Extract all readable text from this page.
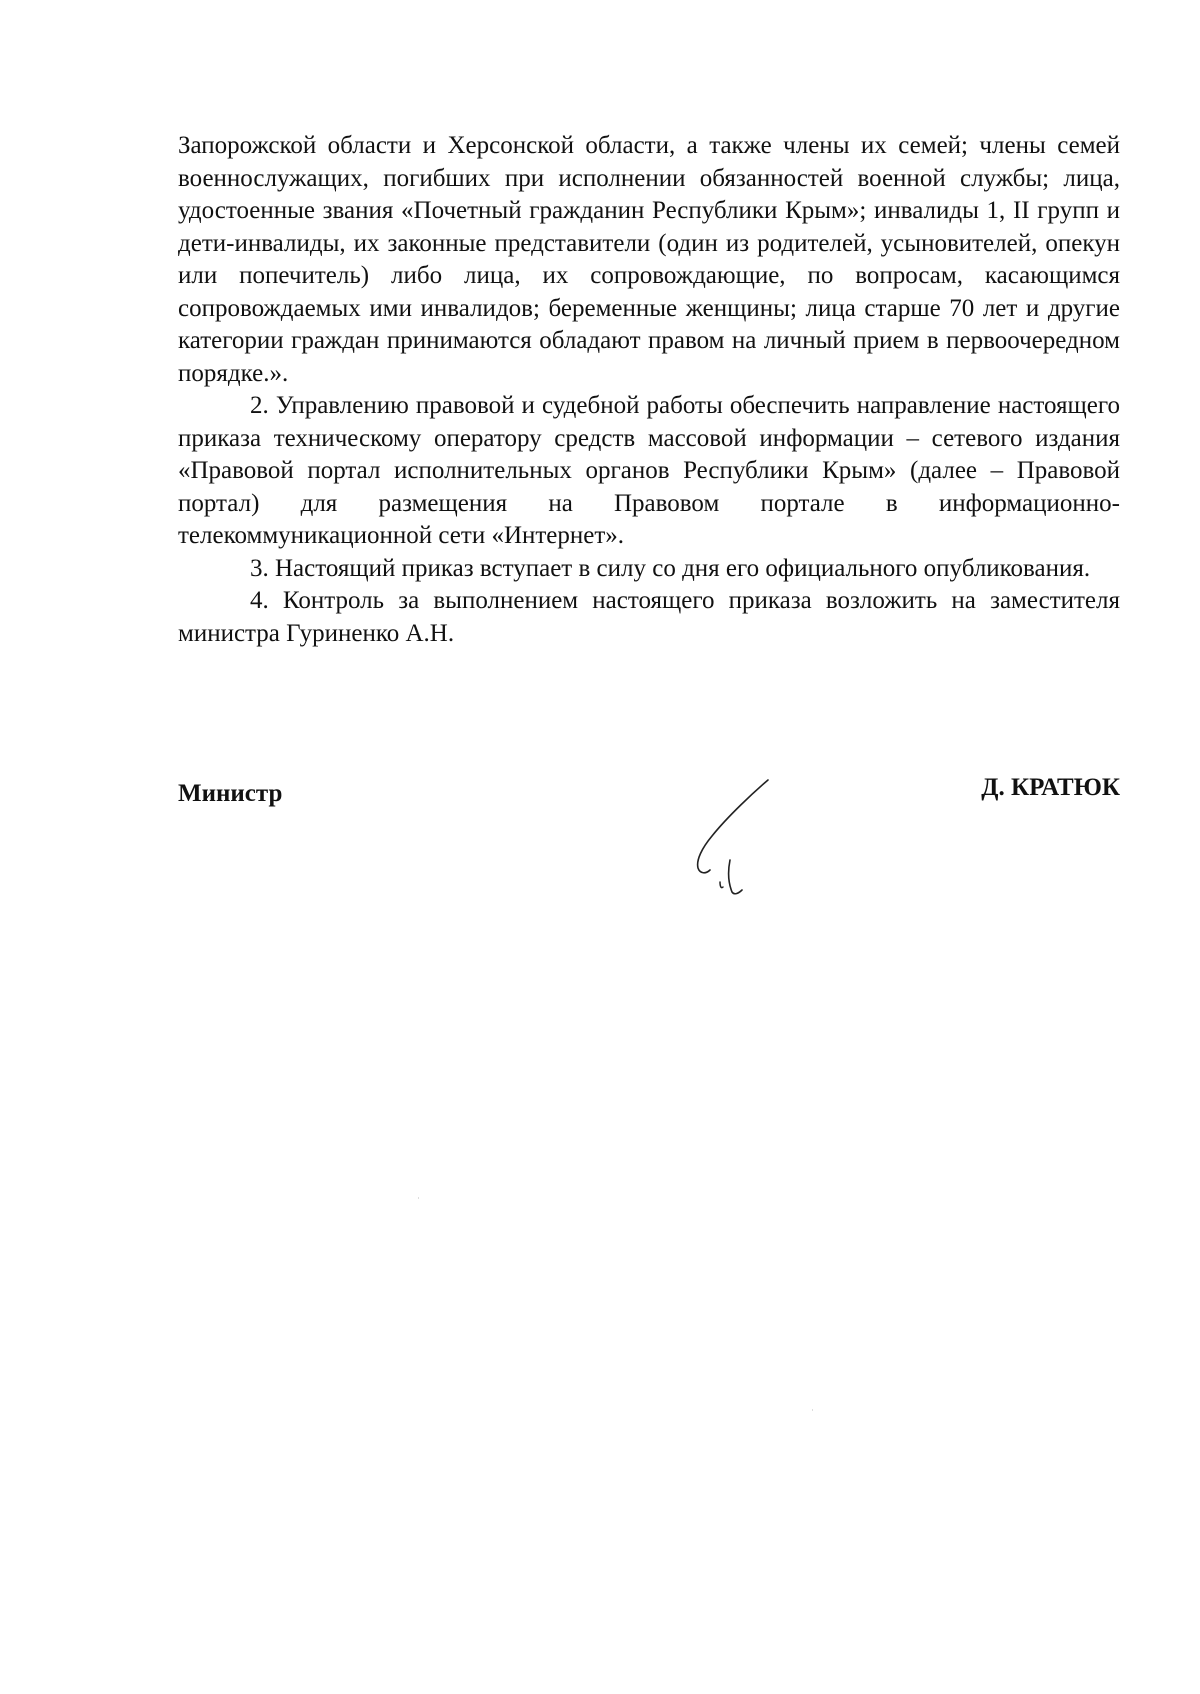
Запорожской области и Херсонской области, а также члены их семей; члены семей военнослужащих, погибших при исполнении обязанностей военной службы; лица, удостоенные звания «Почетный гражданин Республики Крым»; инвалиды 1, II групп и дети-инвалиды, их законные представители (один из родителей, усыновителей, опекун или попечитель) либо лица, их сопровождающие, по вопросам, касающимся сопровождаемых ими инвалидов; беременные женщины; лица старше 70 лет и другие категории граждан принимаются обладают правом на личный прием в первоочередном порядке.».

2. Управлению правовой и судебной работы обеспечить направление настоящего приказа техническому оператору средств массовой информации – сетевого издания «Правовой портал исполнительных органов Республики Крым» (далее – Правовой портал) для размещения на Правовом портале в информационно-телекоммуникационной сети «Интернет».

3. Настоящий приказ вступает в силу со дня его официального опубликования.

4. Контроль за выполнением настоящего приказа возложить на заместителя министра Гуриненко А.Н.

Министр	Д. КРАТЮК
